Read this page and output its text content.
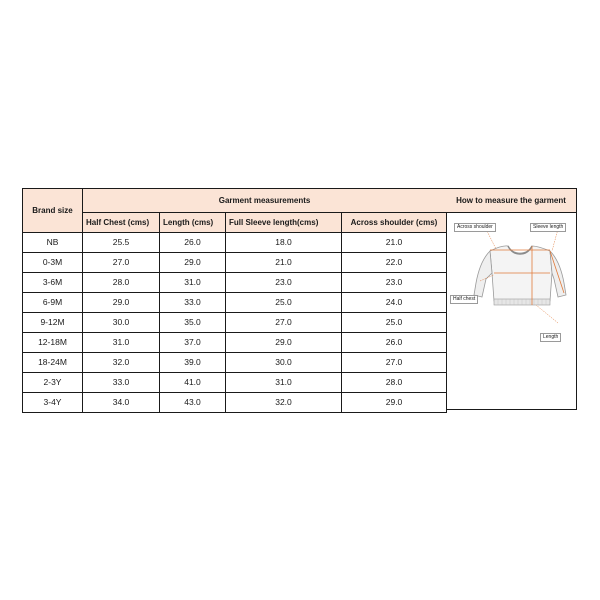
Brand size	Garment measurements			
	Half Chest (cms)	Length (cms)	Full Sleeve length(cms)	Across shoulder (cms)
NB	25.5	26.0	18.0	21.0
0-3M	27.0	29.0	21.0	22.0
3-6M	28.0	31.0	23.0	23.0
6-9M	29.0	33.0	25.0	24.0
9-12M	30.0	35.0	27.0	25.0
12-18M	31.0	37.0	29.0	26.0
18-24M	32.0	39.0	30.0	27.0
2-3Y	33.0	41.0	31.0	28.0
3-4Y	34.0	43.0	32.0	29.0
How to measure the garment
Across shoulder	Sleeve length
Half chest
Length
